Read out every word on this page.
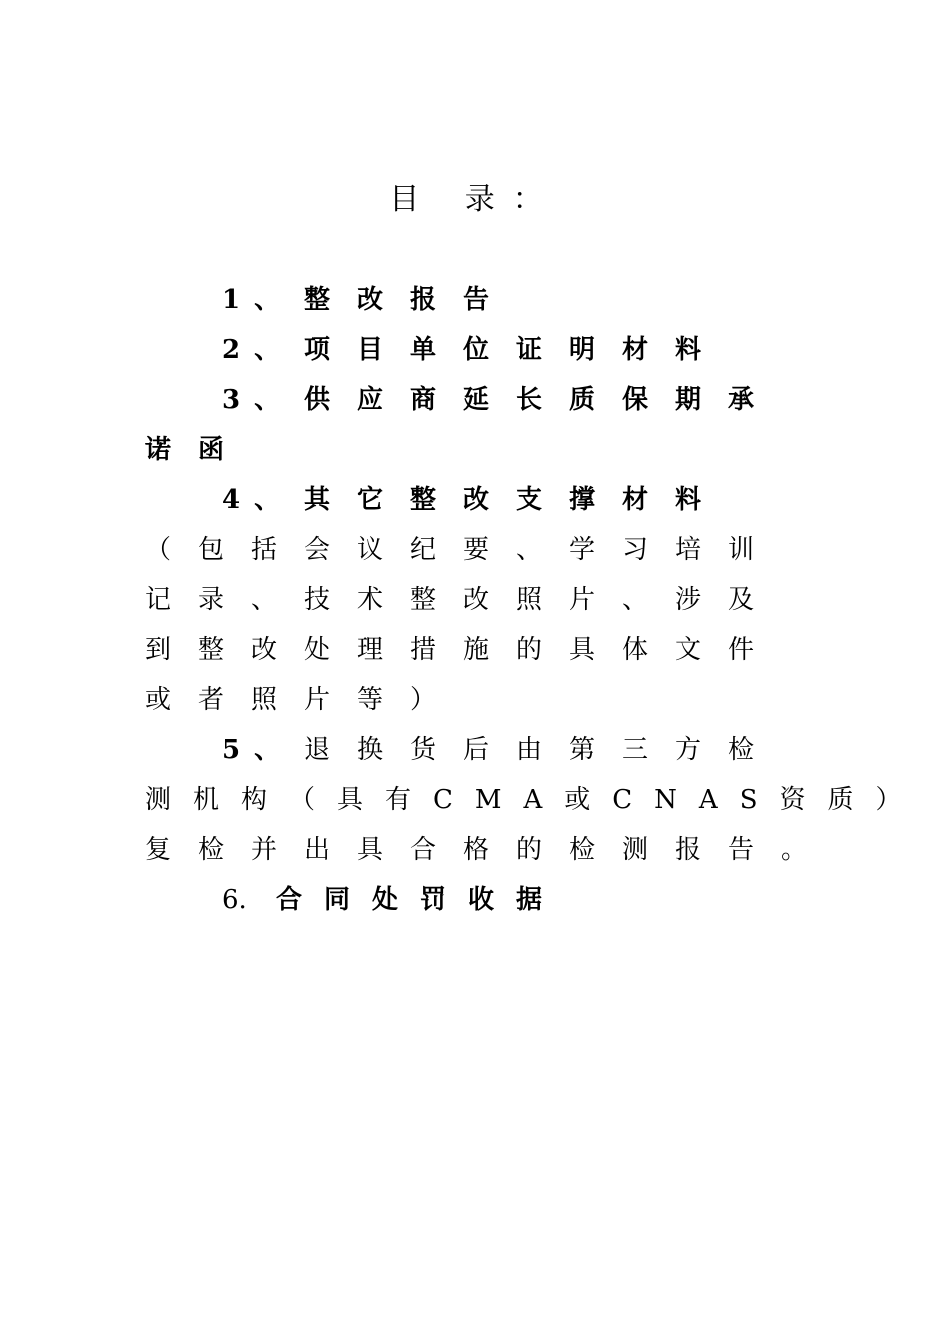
目 录：
1、 整改报告
2、 项目单位证明材料
3、 供应商延长质保期承
诺函
4、 其它整改支撑材料
（包括会议纪要、学习培训
记录、技术整改照片、涉及
到整改处理措施的具体文件
或者照片等）
5、 退换货后由第三方检
测机构（具有CMA或CNAS资质）
复检并出具合格的检测报告。
6. 合同处罚收据
